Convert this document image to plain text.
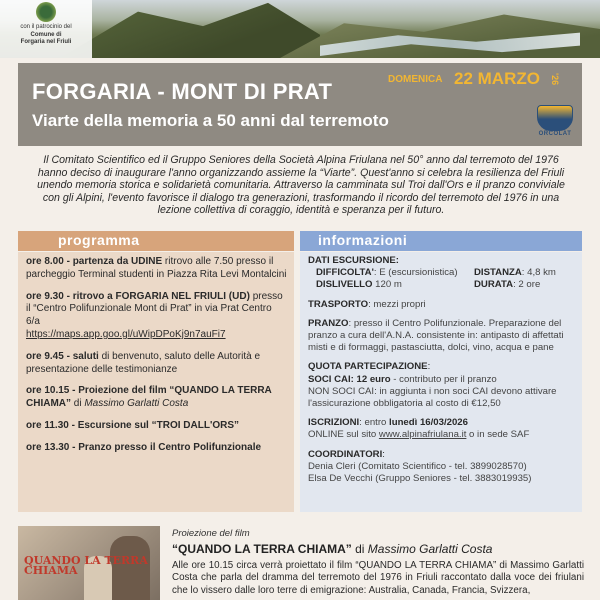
con il patrocinio del

Comune di

Forgaria nel Friuli

FORGARIA - MONT DI PRAT
Viarte della memoria a 50 anni dal terremoto
DOMENICA 22 MARZO '26
ORCOLAT

Il Comitato Scientifico ed il Gruppo Seniores della Società Alpina Friulana nel 50° anno dal terremoto del 1976 hanno deciso di inaugurare l'anno organizzando assieme la “Viarte”. Quest'anno si celebra la resilienza del Friuli unendo memoria storica e solidarietà comunitaria. Attraverso la camminata sul Troi dall'Ors e il pranzo conviviale con gli Alpini, l'evento favorisce il dialogo tra generazioni, trasformando il ricordo del terremoto del 1976 in una lezione collettiva di coraggio, identità e speranza per il futuro.

programma

ore 8.00 - partenza da UDINE ritrovo alle 7.50 presso il parcheggio Terminal studenti in Piazza Rita Levi Montalcini

ore 9.30 - ritrovo a FORGARIA NEL FRIULI (UD) presso il “Centro Polifunzionale Mont di Prat” in via Prat Centro 6/a
https://maps.app.goo.gl/uWipDPoKj9n7auFi7

ore 9.45 - saluti di benvenuto, saluto delle Autorità e presentazione delle testimonianze

ore 10.15 - Proiezione del film “QUANDO LA TERRA CHIAMA” di Massimo Garlatti Costa

ore 11.30 - Escursione sul “TROI DALL'ORS”

ore 13.30 - Pranzo presso il Centro Polifunzionale

informazioni
DATI ESCURSIONE:
DIFFICOLTA': E (escursionistica)	DISTANZA: 4,8 km
DISLIVELLO 120 m	DURATA: 2 ore
TRASPORTO: mezzi propri
PRANZO: presso il Centro Polifunzionale. Preparazione del pranzo a cura dell'A.N.A. consistente in: antipasto di affettati misti e di formaggi, pastasciutta, dolci, vino, acqua e pane
QUOTA PARTECIPAZIONE:
SOCI CAI: 12 euro - contributo per il pranzo
NON SOCI CAI: in aggiunta i non soci CAI devono attivare l'assicurazione obbligatoria al costo di €12,50
ISCRIZIONI: entro lunedì 16/03/2026
ONLINE sul sito www.alpinafriulana.it o in sede SAF
COORDINATORI:
Denia Cleri (Comitato Scientifico - tel. 3899028570)
Elsa De Vecchi (Gruppo Seniores - tel. 3883019935)
QUANDO LA TERRA CHIAMA
Proiezione del film
“QUANDO LA TERRA CHIAMA” di Massimo Garlatti Costa

Alle ore 10.15 circa verrà proiettato il film “QUANDO LA TERRA CHIAMA” di Massimo Garlatti Costa che parla del dramma del terremoto del 1976 in Friuli raccontato dalla voce dei friulani che lo vissero dalle loro terre di emigrazione: Australia, Canada, Francia, Svizzera,
